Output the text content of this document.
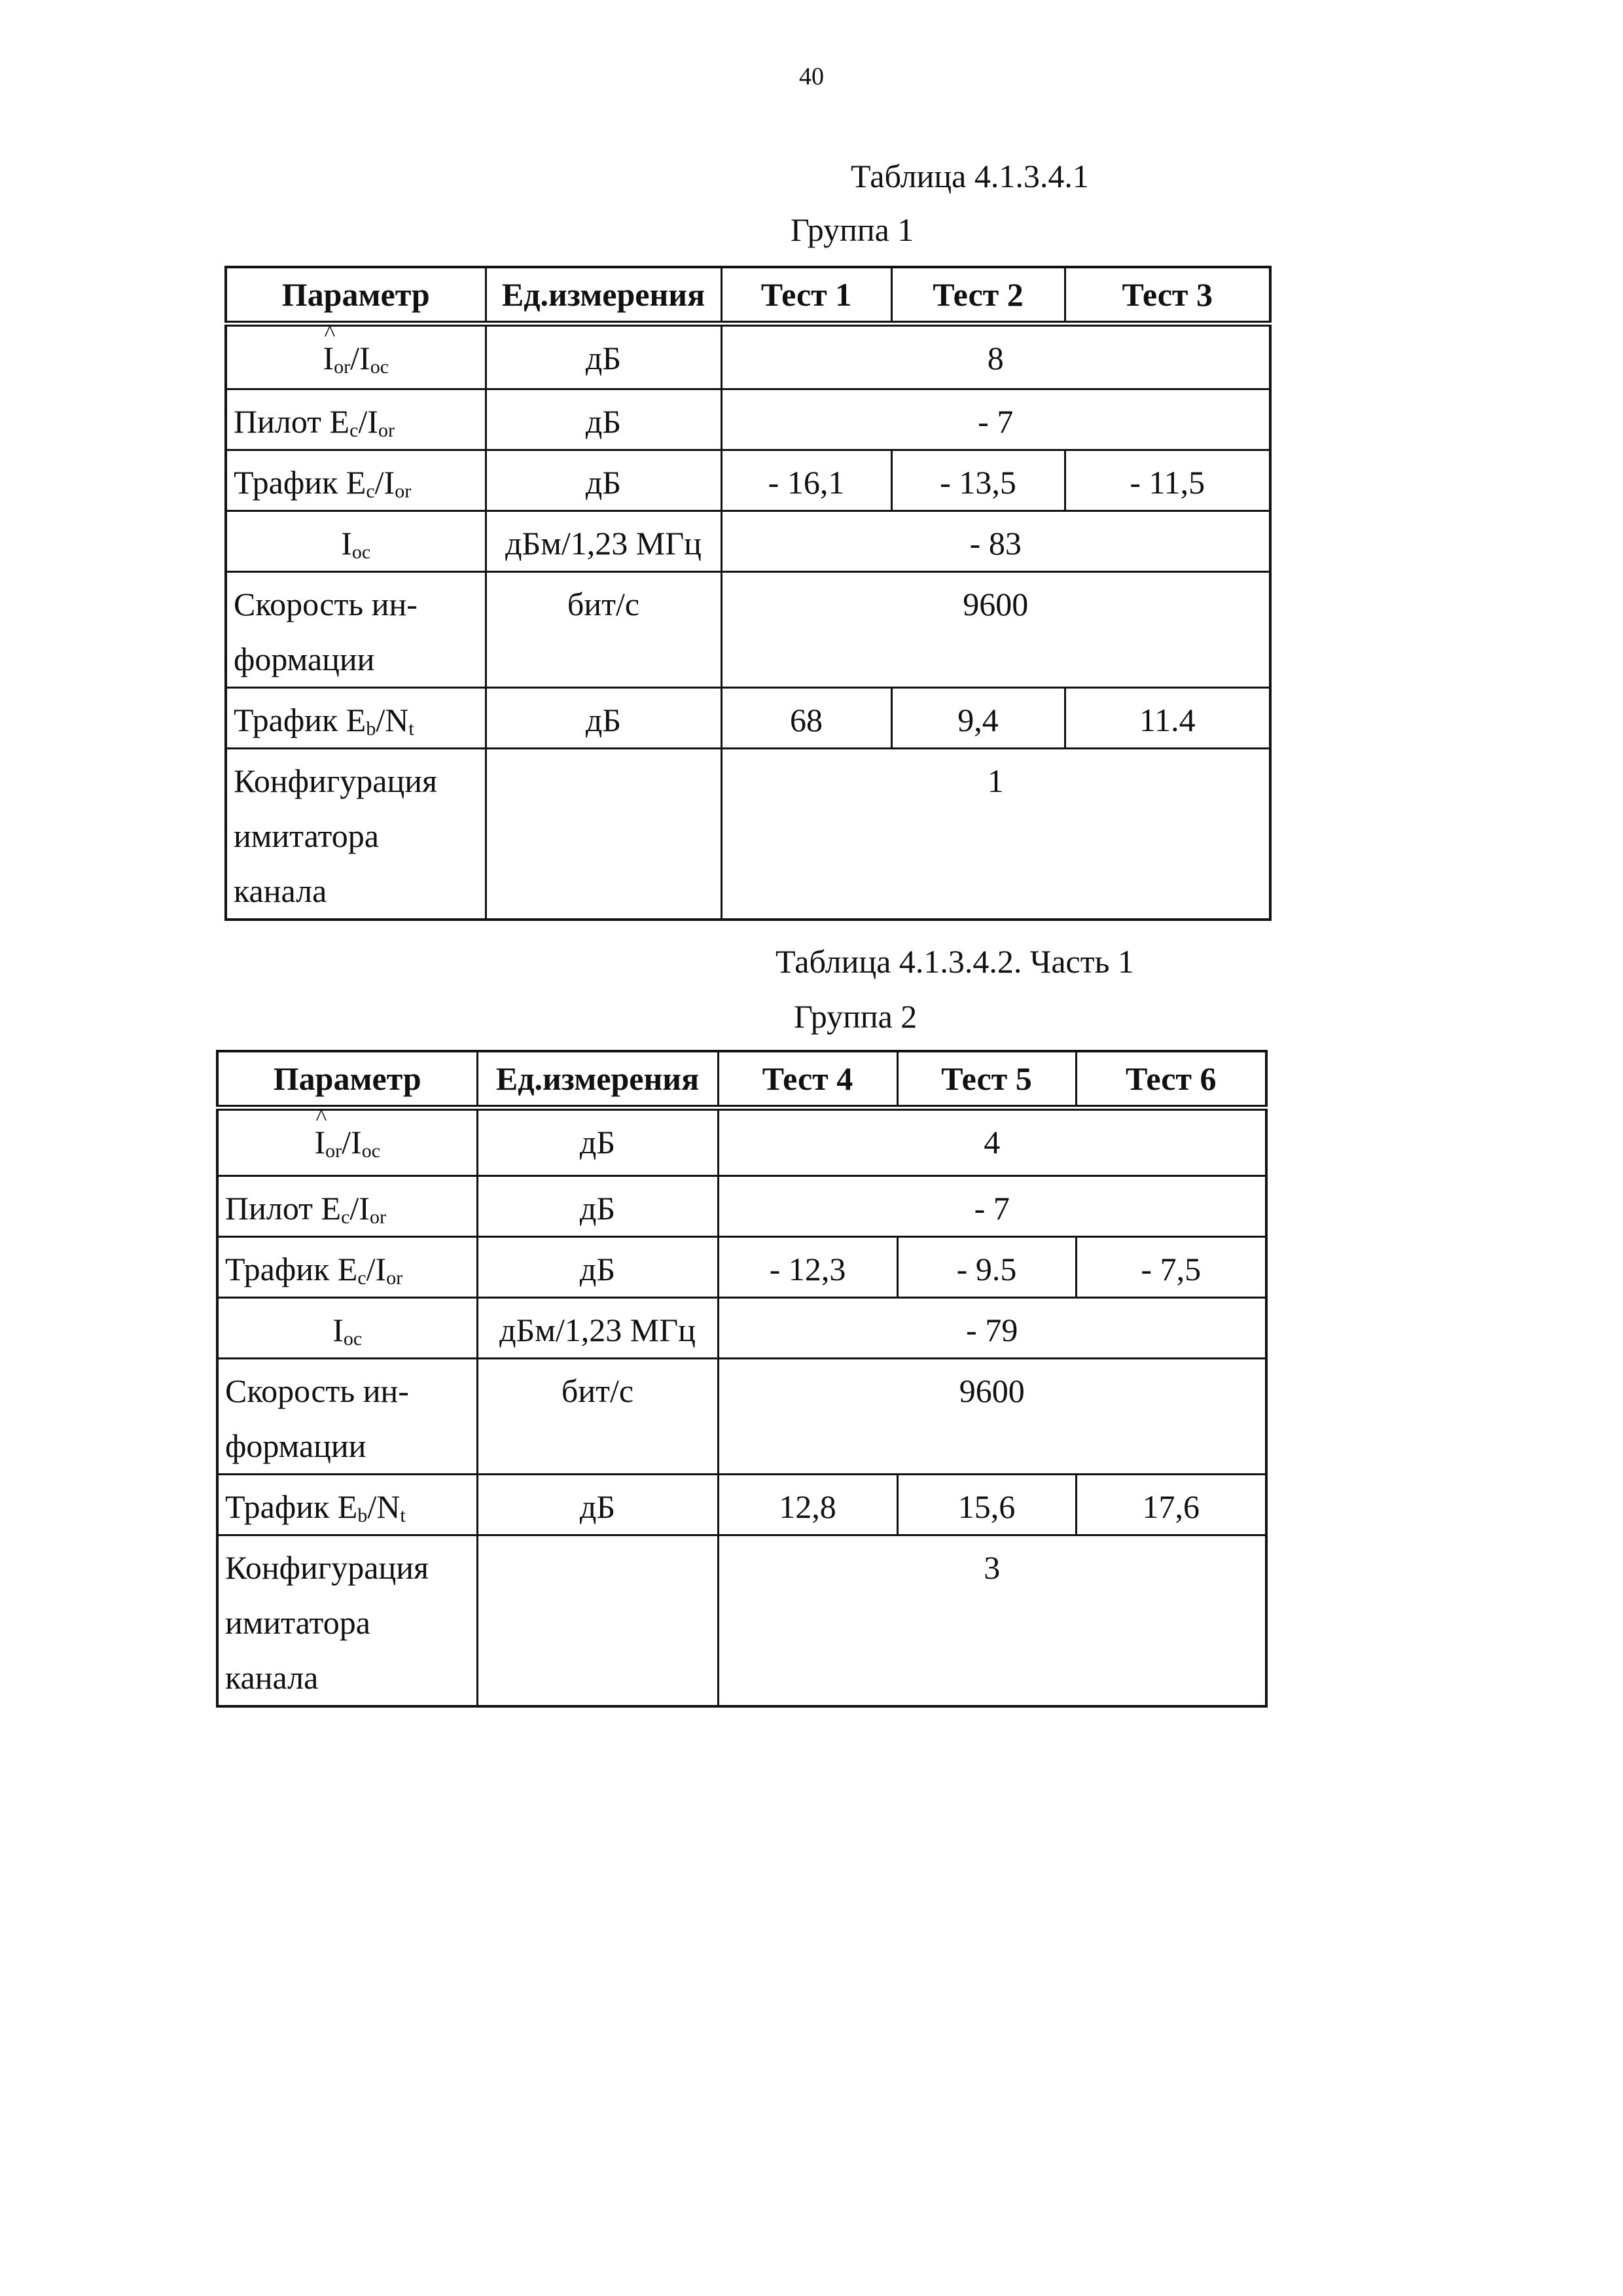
40
Таблица 4.1.3.4.1
Группа 1
Параметр	Ед.измерения	Тест 1	Тест 2	Тест 3
^ $I_{or}/I_{oc}$	дБ	8		
Пилот $E_c/I_{or}$	дБ	- 7		
Трафик $E_c/I_{or}$	дБ	- 16,1	- 13,5	- 11,5
$I_{oc}$	дБм/1,23 МГц	- 83		
Скорость ин-формации	бит/с	9600		
Трафик $E_b/N_t$	дБ	68	9,4	11.4
Конфигурация имитатора канала		1		
Таблица 4.1.3.4.2. Часть 1
Группа 2
Параметр	Ед.измерения	Тест 4	Тест 5	Тест 6
^ $I_{or}/I_{oc}$	дБ	4		
Пилот $E_c/I_{or}$	дБ	- 7		
Трафик $E_c/I_{or}$	дБ	- 12,3	- 9.5	- 7,5
$I_{oc}$	дБм/1,23 МГц	- 79		
Скорость ин-формации	бит/с	9600		
Трафик $E_b/N_t$	дБ	12,8	15,6	17,6
Конфигурация имитатора канала		3		
